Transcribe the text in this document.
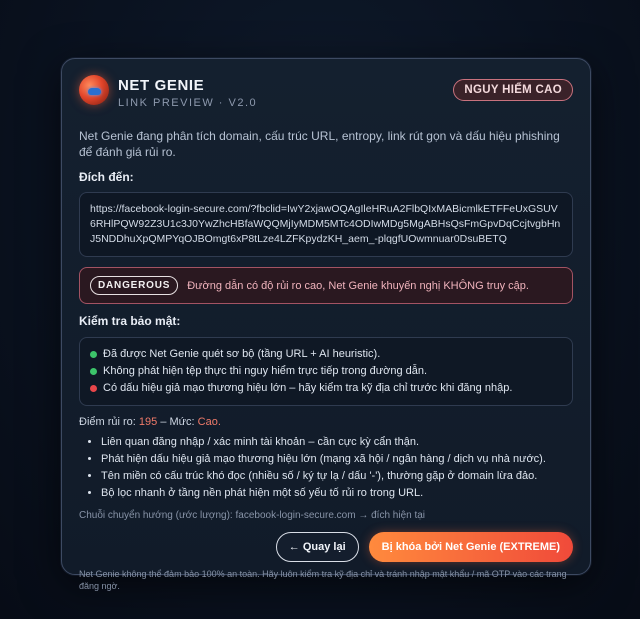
NET GENIE
LINK PREVIEW · V2.0
NGUY HIỂM CAO
Net Genie đang phân tích domain, cấu trúc URL, entropy, link rút gọn và dấu hiệu phishing để đánh giá rủi ro.
Đích đến:
https://facebook-login-secure.com/?fbclid=IwY2xjawOQAgIleHRuA2FlbQIxMABicmlkETFFeUxGSUV6RHlPQW92Z3U1c3J0YwZhcHBfaWQQMjIyMDM5MTc4ODIwMDg5MgABHsQsFmGpvDqCcjtvgbHnJ5NDDhuXpQMPYqOJBOmgt6xP8tLze4LZFKpydzKH_aem_-plqgfUOwmnuar0DsuBETQ
DANGEROUS	Đường dẫn có độ rủi ro cao, Net Genie khuyến nghị KHÔNG truy cập.
Kiểm tra bảo mật:
Đã được Net Genie quét sơ bộ (tầng URL + AI heuristic).
Không phát hiện tệp thực thi nguy hiểm trực tiếp trong đường dẫn.
Có dấu hiệu giả mạo thương hiệu lớn – hãy kiểm tra kỹ địa chỉ trước khi đăng nhập.
Điểm rủi ro: 195 – Mức: Cao.
• Liên quan đăng nhập / xác minh tài khoản – cần cực kỳ cẩn thận.
• Phát hiện dấu hiệu giả mạo thương hiệu lớn (mạng xã hội / ngân hàng / dịch vụ nhà nước).
• Tên miền có cấu trúc khó đọc (nhiều số / ký tự lạ / dấu '-'), thường gặp ở domain lừa đảo.
• Bộ lọc nhanh ở tầng nền phát hiện một số yếu tố rủi ro trong URL.
Chuỗi chuyển hướng (ước lượng): facebook-login-secure.com → đích hiện tại
← Quay lại	Bị khóa bởi Net Genie (EXTREME)
Net Genie không thể đảm bảo 100% an toàn. Hãy luôn kiểm tra kỹ địa chỉ và tránh nhập mật khẩu / mã OTP vào các trang đăng ngờ.
